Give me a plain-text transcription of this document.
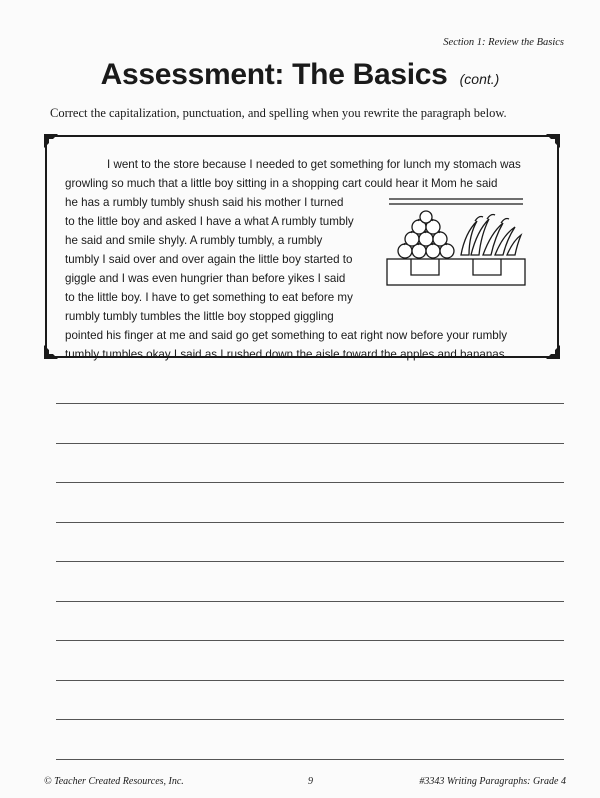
Section 1: Review the Basics
Assessment: The Basics (cont.)
Correct the capitalization, punctuation, and spelling when you rewrite the paragraph below.

I went to the store because I needed to get something for lunch my stomach was
growling so much that a little boy sitting in a shopping cart could hear it Mom he said
he has a rumbly tumbly shush said his mother I turned
to the little boy and asked I have a what A rumbly tumbly
he said and smile shyly. A rumbly tumbly, a rumbly
tumbly I said over and over again the little boy started to
giggle and I was even hungrier than before yikes I said
to the little boy. I have to get something to eat before my
rumbly tumbly tumbles the little boy stopped giggling
pointed his finger at me and said go get something to eat right now before your rumbly
tumbly tumbles okay I said as I rushed down the aisle toward the apples and bananas.

© Teacher Created Resources, Inc.	9	#3343 Writing Paragraphs: Grade 4
